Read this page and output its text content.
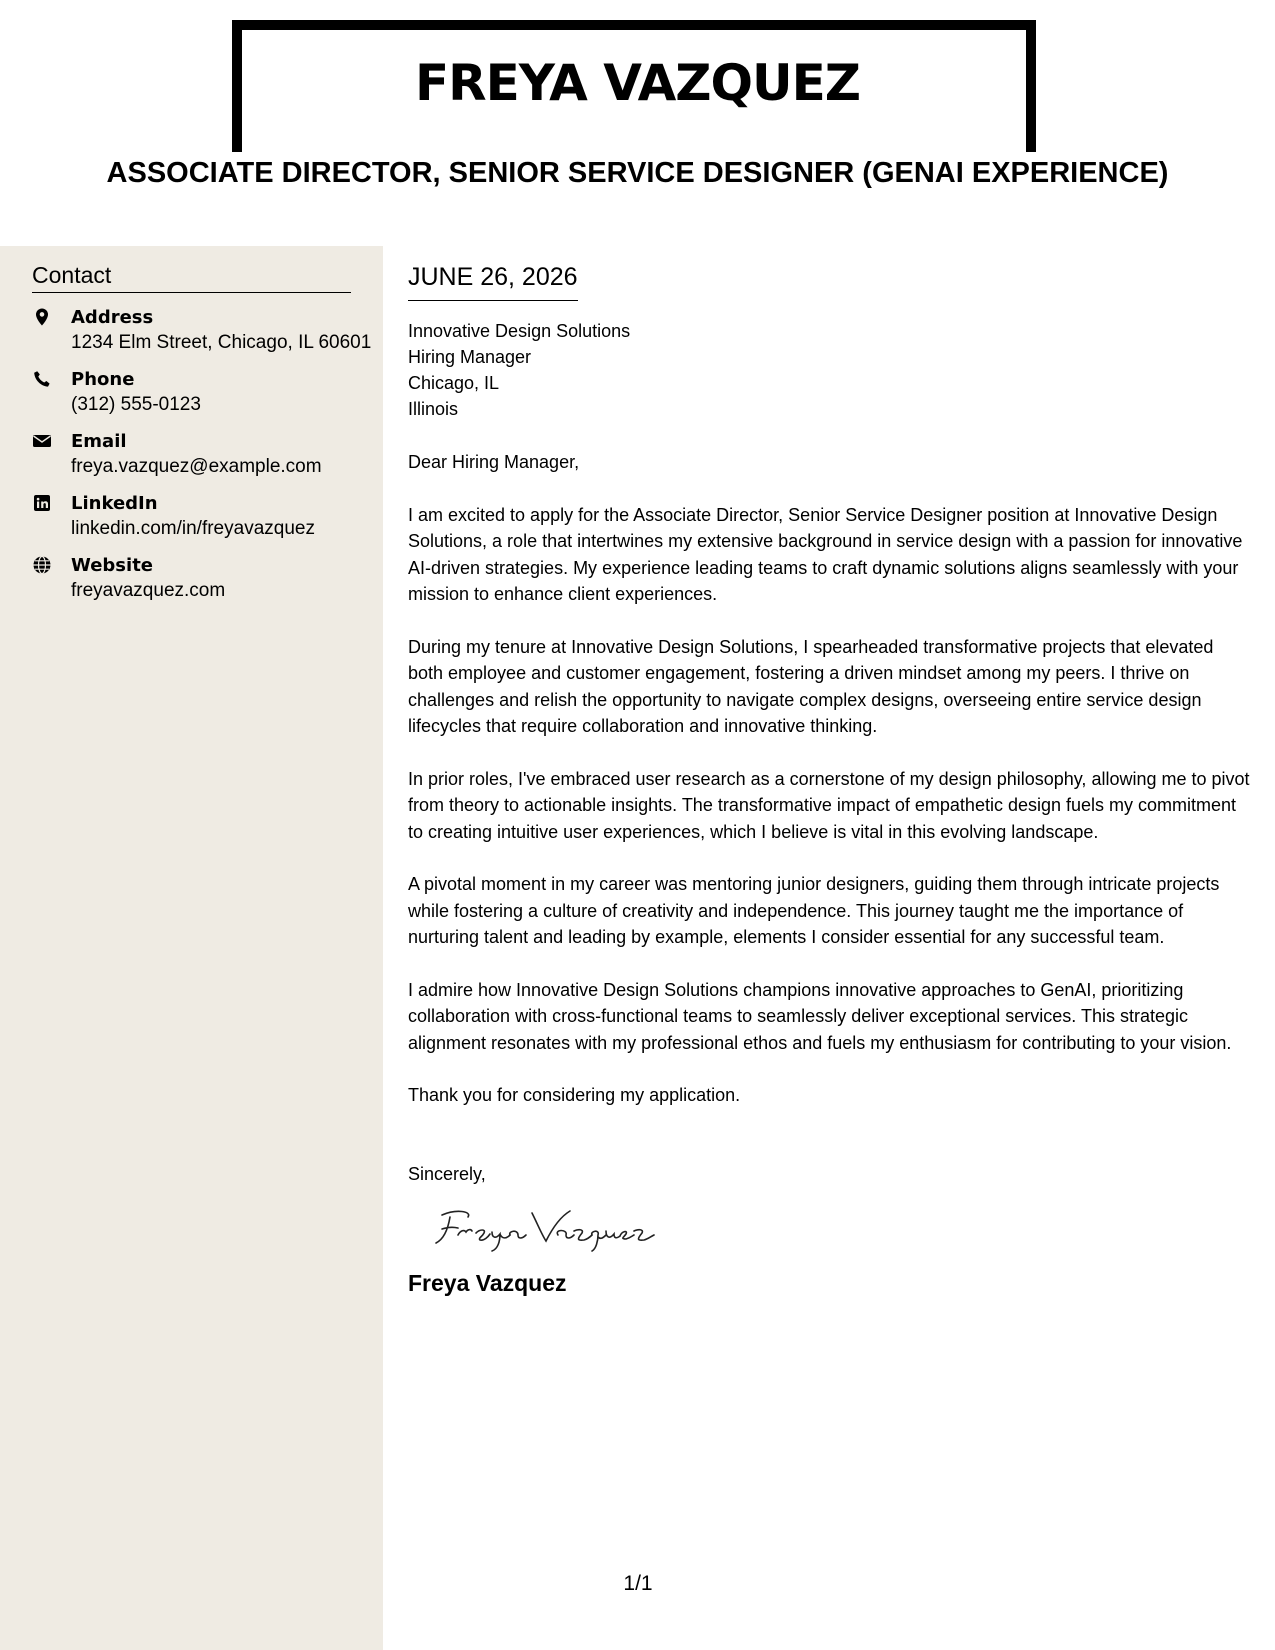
FREYA VAZQUEZ
ASSOCIATE DIRECTOR, SENIOR SERVICE DESIGNER (GENAI EXPERIENCE)
Contact
Address
1234 Elm Street, Chicago, IL 60601
Phone
(312) 555-0123
Email
freya.vazquez@example.com
LinkedIn
linkedin.com/in/freyavazquez
Website
freyavazquez.com
JUNE 26, 2026
Innovative Design Solutions
Hiring Manager
Chicago, IL
Illinois
Dear Hiring Manager,
I am excited to apply for the Associate Director, Senior Service Designer position at Innovative Design Solutions, a role that intertwines my extensive background in service design with a passion for innovative AI-driven strategies. My experience leading teams to craft dynamic solutions aligns seamlessly with your mission to enhance client experiences.
During my tenure at Innovative Design Solutions, I spearheaded transformative projects that elevated both employee and customer engagement, fostering a driven mindset among my peers. I thrive on challenges and relish the opportunity to navigate complex designs, overseeing entire service design lifecycles that require collaboration and innovative thinking.
In prior roles, I've embraced user research as a cornerstone of my design philosophy, allowing me to pivot from theory to actionable insights. The transformative impact of empathetic design fuels my commitment to creating intuitive user experiences, which I believe is vital in this evolving landscape.
A pivotal moment in my career was mentoring junior designers, guiding them through intricate projects while fostering a culture of creativity and independence. This journey taught me the importance of nurturing talent and leading by example, elements I consider essential for any successful team.
I admire how Innovative Design Solutions champions innovative approaches to GenAI, prioritizing collaboration with cross-functional teams to seamlessly deliver exceptional services. This strategic alignment resonates with my professional ethos and fuels my enthusiasm for contributing to your vision.
Thank you for considering my application.
Sincerely,
Freya Vazquez
1/1
